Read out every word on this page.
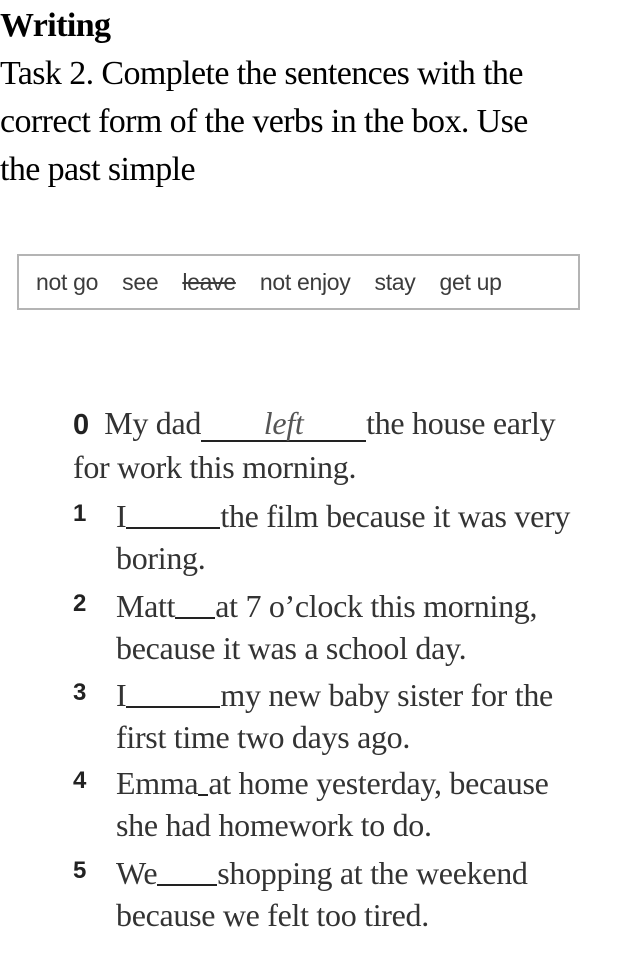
Writing

Task 2. Complete the sentences with the
correct form of the verbs in the box. Use
the past simple

not go see leave not enjoy stay get up
0 My dad left the house early
for work this morning.
1 I	the film because it was very
boring.
2 Matt at 7 o’clock this morning,
because it was a school day.
3 I	my new baby sister for the
first time two days ago.
4 Emma at home yesterday, because
she had homework to do.
5 We shopping at the weekend
because we felt too tired.
